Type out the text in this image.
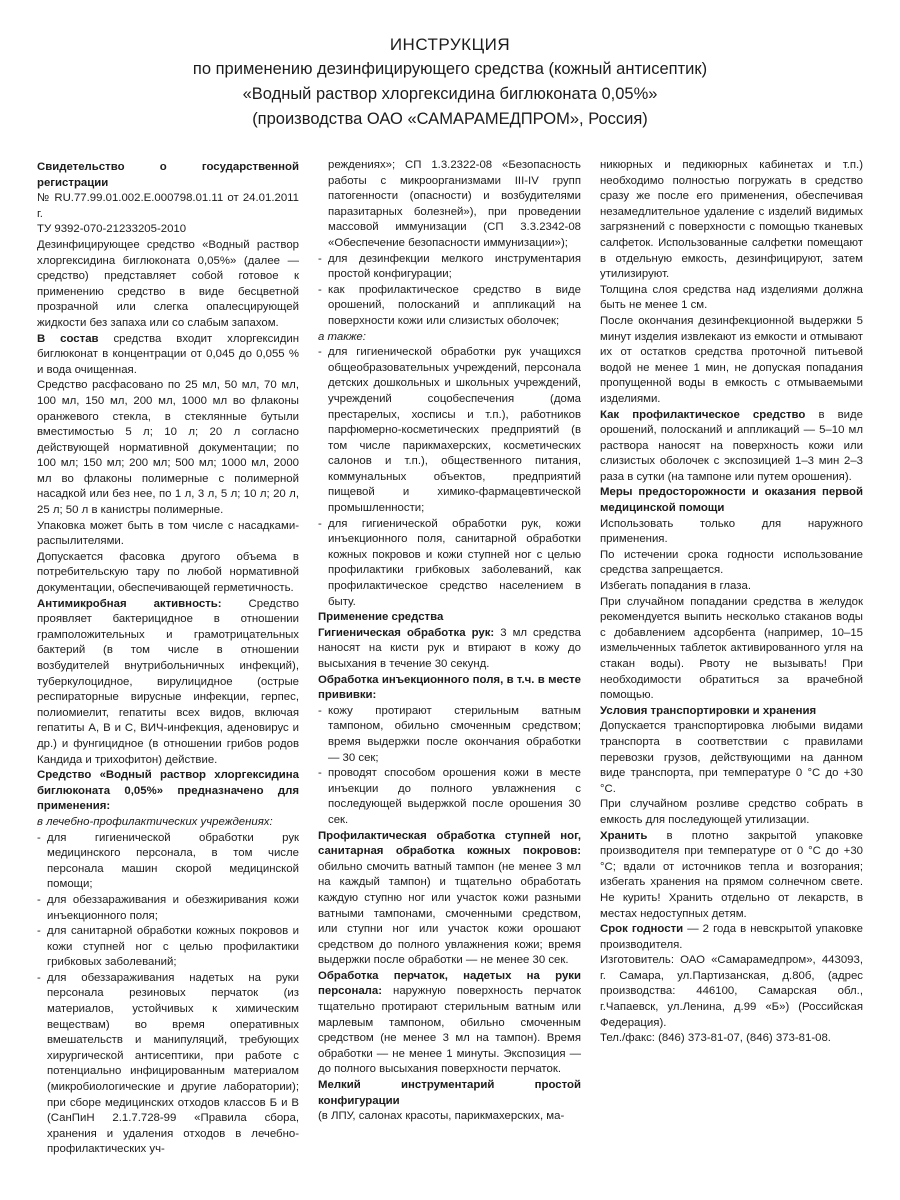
ИНСТРУКЦИЯ
по применению дезинфицирующего средства (кожный антисептик)
«Водный раствор хлоргексидина биглюконата 0,05%»
(производства ОАО «САМАРАМЕДПРОМ», Россия)

Свидетельство о государственной регистрации

№ RU.77.99.01.002.Е.000798.01.11 от 24.01.2011 г.

ТУ 9392-070-21233205-2010

Дезинфицирующее средство «Водный раствор хлоргексидина биглюконата 0,05%» (далее — средство) представляет собой готовое к применению средство в виде бесцветной прозрачной или слегка опалесцирующей жидкости без запаха или со слабым запахом.

В состав средства входит хлоргексидин биглюконат в концентрации от 0,045 до 0,055 % и вода очищенная.

Средство расфасовано по 25 мл, 50 мл, 70 мл, 100 мл, 150 мл, 200 мл, 1000 мл во флаконы оранжевого стекла, в стеклянные бутыли вместимостью 5 л; 10 л; 20 л согласно действующей нормативной документации; по 100 мл; 150 мл; 200 мл; 500 мл; 1000 мл, 2000 мл во флаконы полимерные с полимерной насадкой или без нее, по 1 л, 3 л, 5 л; 10 л; 20 л, 25 л; 50 л в канистры полимерные.

Упаковка может быть в том числе с насадками-распылителями.

Допускается фасовка другого объема в потребительскую тару по любой нормативной документации, обеспечивающей герметичность.

Антимикробная активность: Средство проявляет бактерицидное в отношении грамположительных и грамотрицательных бактерий (в том числе в отношении возбудителей внутрибольничных инфекций), туберкулоцидное, вирулицидное (острые респираторные вирусные инфекции, герпес, полиомиелит, гепатиты всех видов, включая гепатиты А, В и С, ВИЧ-инфекция, аденовирус и др.) и фунгицидное (в отношении грибов родов Кандида и трихофитон) действие.

Средство «Водный раствор хлоргексидина биглюконата 0,05%» предназначено для применения:

в лечебно-профилактических учреждениях:

- для гигиенической обработки рук медицинского персонала, в том числе персонала машин скорой медицинской помощи;

- для обеззараживания и обезжиривания кожи инъекционного поля;

- для санитарной обработки кожных покровов и кожи ступней ног с целью профилактики грибковых заболеваний;

- для обеззараживания надетых на руки персонала резиновых перчаток (из материалов, устойчивых к химическим веществам) во время оперативных вмешательств и манипуляций, требующих хирургической антисептики, при работе с потенциально инфицированным материалом (микробиологические и другие лаборатории); при сборе медицинских отходов классов Б и В (СанПиН 2.1.7.728-99 «Правила сбора, хранения и удаления отходов в лечебно-профилактических уч-

реждениях»; СП 1.3.2322-08 «Безопасность работы с микроорганизмами III-IV групп патогенности (опасности) и возбудителями паразитарных болезней»), при проведении массовой иммунизации (СП 3.3.2342-08 «Обеспечение безопасности иммунизации»);

- для дезинфекции мелкого инструментария простой конфигурации;

- как профилактическое средство в виде орошений, полосканий и аппликаций на поверхности кожи или слизистых оболочек;

а также:

- для гигиенической обработки рук учащихся общеобразовательных учреждений, персонала детских дошкольных и школьных учреждений, учреждений соцобеспечения (дома престарелых, хосписы и т.п.), работников парфюмерно-косметических предприятий (в том числе парикмахерских, косметических салонов и т.п.), общественного питания, коммунальных объектов, предприятий пищевой и химико-фармацевтической промышленности;

- для гигиенической обработки рук, кожи инъекционного поля, санитарной обработки кожных покровов и кожи ступней ног с целью профилактики грибковых заболеваний, как профилактическое средство населением в быту.

Применение средства

Гигиеническая обработка рук: 3 мл средства наносят на кисти рук и втирают в кожу до высыхания в течение 30 секунд.

Обработка инъекционного поля, в т.ч. в месте прививки:

- кожу протирают стерильным ватным тампоном, обильно смоченным средством; время выдержки после окончания обработки — 30 сек;

- проводят способом орошения кожи в месте инъекции до полного увлажнения с последующей выдержкой после орошения 30 сек.

Профилактическая обработка ступней ног, санитарная обработка кожных покровов: обильно смочить ватный тампон (не менее 3 мл на каждый тампон) и тщательно обработать каждую ступню ног или участок кожи разными ватными тампонами, смоченными средством, или ступни ног или участок кожи орошают средством до полного увлажнения кожи; время выдержки после обработки — не менее 30 сек.

Обработка перчаток, надетых на руки персонала: наружную поверхность перчаток тщательно протирают стерильным ватным или марлевым тампоном, обильно смоченным средством (не менее 3 мл на тампон). Время обработки — не менее 1 минуты. Экспозиция — до полного высыхания поверхности перчаток.

Мелкий инструментарий простой конфигурации

(в ЛПУ, салонах красоты, парикмахерских, ма-

никюрных и педикюрных кабинетах и т.п.) необходимо полностью погружать в средство сразу же после его применения, обеспечивая незамедлительное удаление с изделий видимых загрязнений с поверхности с помощью тканевых салфеток. Использованные салфетки помещают в отдельную емкость, дезинфицируют, затем утилизируют.

Толщина слоя средства над изделиями должна быть не менее 1 см.

После окончания дезинфекционной выдержки 5 минут изделия извлекают из емкости и отмывают их от остатков средства проточной питьевой водой не менее 1 мин, не допуская попадания пропущенной воды в емкость с отмываемыми изделиями.

Как профилактическое средство в виде орошений, полосканий и аппликаций — 5–10 мл раствора наносят на поверхность кожи или слизистых оболочек с экспозицией 1–3 мин 2–3 раза в сутки (на тампоне или путем орошения).

Меры предосторожности и оказания первой медицинской помощи

Использовать только для наружного применения.

По истечении срока годности использование средства запрещается.

Избегать попадания в глаза.

При случайном попадании средства в желудок рекомендуется выпить несколько стаканов воды с добавлением адсорбента (например, 10–15 измельченных таблеток активированного угля на стакан воды). Рвоту не вызывать! При необходимости обратиться за врачебной помощью.

Условия транспортировки и хранения

Допускается транспортировка любыми видами транспорта в соответствии с правилами перевозки грузов, действующими на данном виде транспорта, при температуре 0 °С до +30 °С.

При случайном розливе средство собрать в емкость для последующей утилизации.

Хранить в плотно закрытой упаковке производителя при температуре от 0 °С до +30 °С; вдали от источников тепла и возгорания; избегать хранения на прямом солнечном свете. Не курить! Хранить отдельно от лекарств, в местах недоступных детям.

Срок годности — 2 года в невскрытой упаковке производителя.

Изготовитель: ОАО «Самарамедпром», 443093, г. Самара, ул.Партизанская, д.80б, (адрес производства: 446100, Самарская обл., г.Чапаевск, ул.Ленина, д.99 «Б») (Российская Федерация).

Тел./факс: (846) 373-81-07, (846) 373-81-08.
